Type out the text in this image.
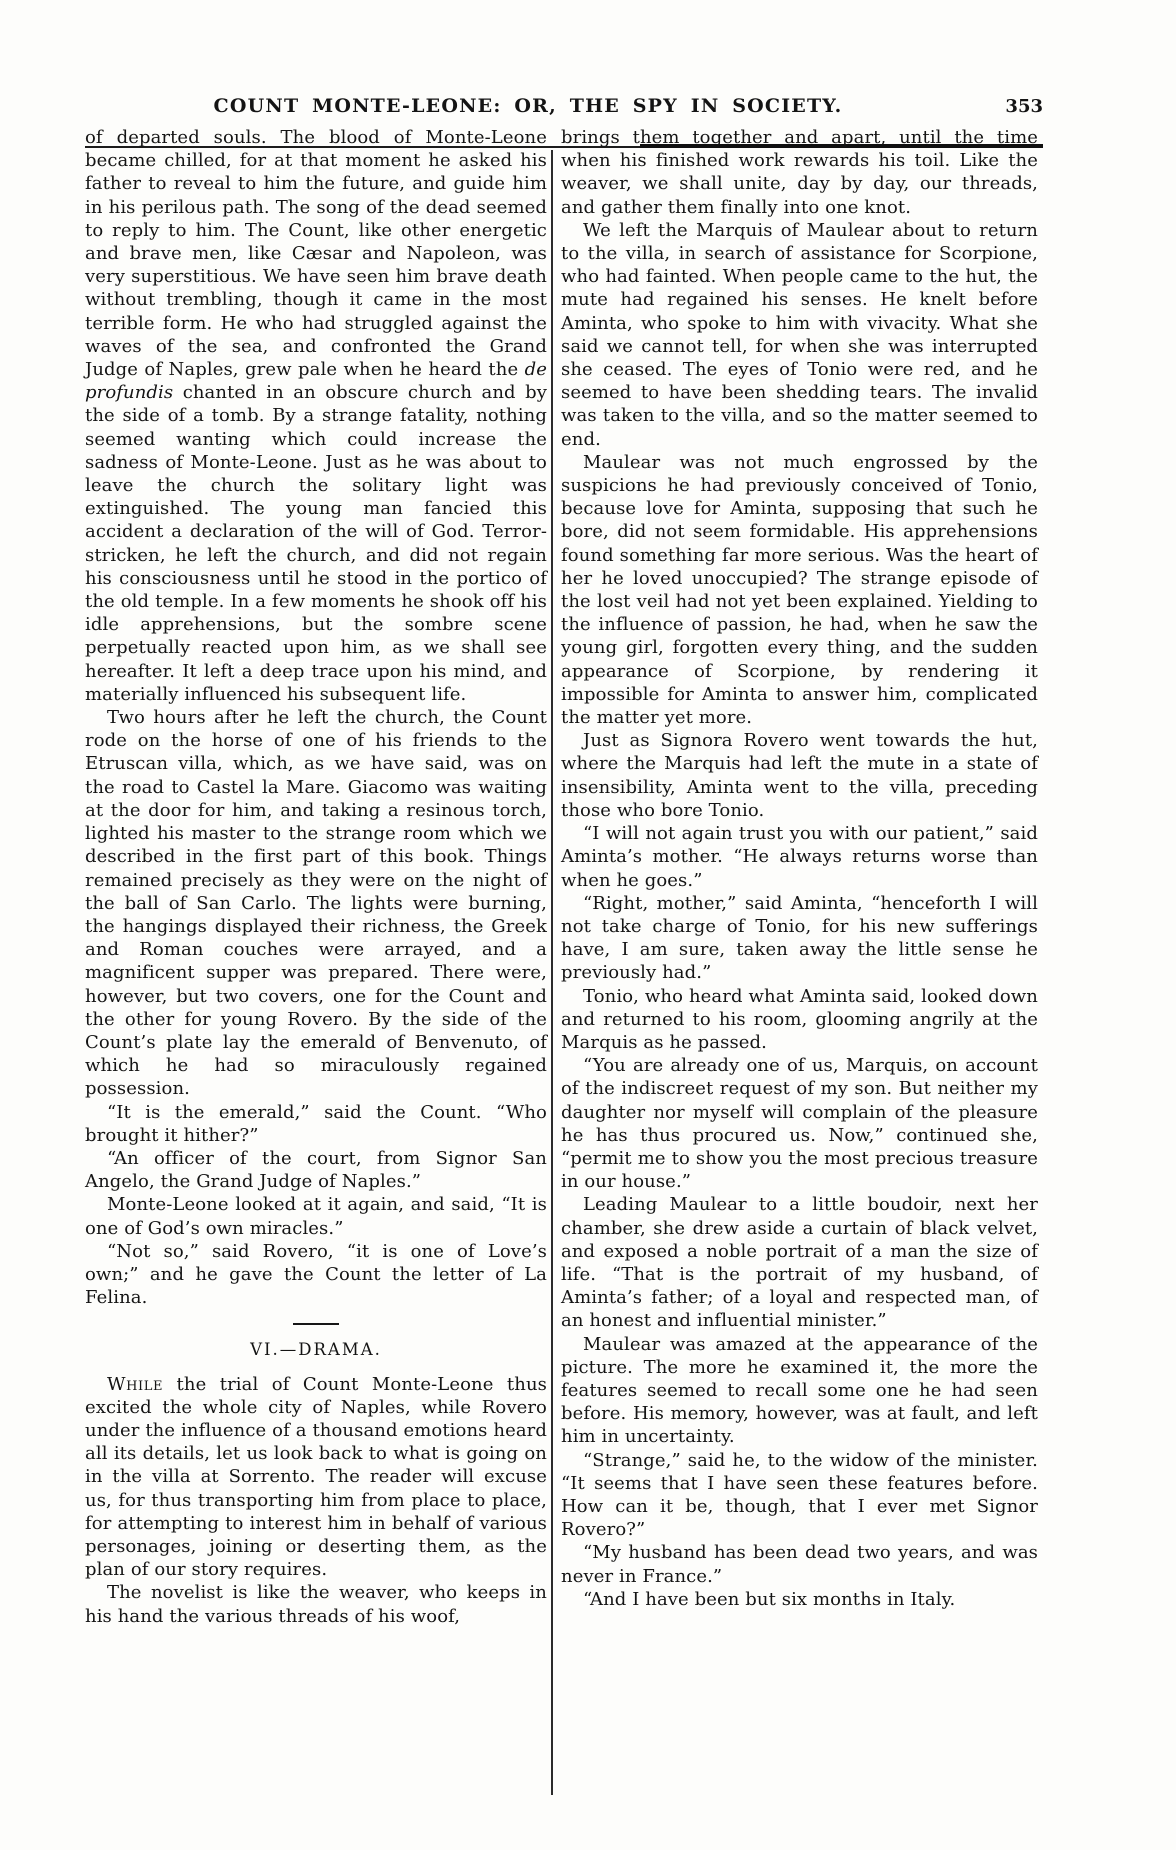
COUNT MONTE-LEONE: OR, THE SPY IN SOCIETY.	353

of departed souls. The blood of Monte-Leone became chilled, for at that moment he asked his father to reveal to him the future, and guide him in his perilous path. The song of the dead seemed to reply to him. The Count, like other energetic and brave men, like Cæsar and Napoleon, was very superstitious. We have seen him brave death without trembling, though it came in the most terrible form. He who had struggled against the waves of the sea, and confronted the Grand Judge of Naples, grew pale when he heard the de profundis chanted in an obscure church and by the side of a tomb. By a strange fatality, nothing seemed wanting which could increase the sadness of Monte-Leone. Just as he was about to leave the church the solitary light was extinguished. The young man fancied this accident a declaration of the will of God. Terror-stricken, he left the church, and did not regain his consciousness until he stood in the portico of the old temple. In a few moments he shook off his idle apprehensions, but the sombre scene perpetually reacted upon him, as we shall see hereafter. It left a deep trace upon his mind, and materially influenced his subsequent life.

Two hours after he left the church, the Count rode on the horse of one of his friends to the Etruscan villa, which, as we have said, was on the road to Castel la Mare. Giacomo was waiting at the door for him, and taking a resinous torch, lighted his master to the strange room which we described in the first part of this book. Things remained precisely as they were on the night of the ball of San Carlo. The lights were burning, the hangings displayed their richness, the Greek and Roman couches were arrayed, and a magnificent supper was prepared. There were, however, but two covers, one for the Count and the other for young Rovero. By the side of the Count’s plate lay the emerald of Benvenuto, of which he had so miraculously regained possession.

“It is the emerald,” said the Count. “Who brought it hither?”

“An officer of the court, from Signor San Angelo, the Grand Judge of Naples.”

Monte-Leone looked at it again, and said, “It is one of God’s own miracles.”

“Not so,” said Rovero, “it is one of Love’s own;” and he gave the Count the letter of La Felina.

VI.—DRAMA.

While the trial of Count Monte-Leone thus excited the whole city of Naples, while Rovero under the influence of a thousand emotions heard all its details, let us look back to what is going on in the villa at Sorrento. The reader will excuse us, for thus transporting him from place to place, for attempting to interest him in behalf of various personages, joining or deserting them, as the plan of our story requires.

The novelist is like the weaver, who keeps in his hand the various threads of his woof,

brings them together and apart, until the time when his finished work rewards his toil. Like the weaver, we shall unite, day by day, our threads, and gather them finally into one knot.

We left the Marquis of Maulear about to return to the villa, in search of assistance for Scorpione, who had fainted. When people came to the hut, the mute had regained his senses. He knelt before Aminta, who spoke to him with vivacity. What she said we cannot tell, for when she was interrupted she ceased. The eyes of Tonio were red, and he seemed to have been shedding tears. The invalid was taken to the villa, and so the matter seemed to end.

Maulear was not much engrossed by the suspicions he had previously conceived of Tonio, because love for Aminta, supposing that such he bore, did not seem formidable. His apprehensions found something far more serious. Was the heart of her he loved unoccupied? The strange episode of the lost veil had not yet been explained. Yielding to the influence of passion, he had, when he saw the young girl, forgotten every thing, and the sudden appearance of Scorpione, by rendering it impossible for Aminta to answer him, complicated the matter yet more.

Just as Signora Rovero went towards the hut, where the Marquis had left the mute in a state of insensibility, Aminta went to the villa, preceding those who bore Tonio.

“I will not again trust you with our patient,” said Aminta’s mother. “He always returns worse than when he goes.”

“Right, mother,” said Aminta, “henceforth I will not take charge of Tonio, for his new sufferings have, I am sure, taken away the little sense he previously had.”

Tonio, who heard what Aminta said, looked down and returned to his room, glooming angrily at the Marquis as he passed.

“You are already one of us, Marquis, on account of the indiscreet request of my son. But neither my daughter nor myself will complain of the pleasure he has thus procured us. Now,” continued she, “permit me to show you the most precious treasure in our house.”

Leading Maulear to a little boudoir, next her chamber, she drew aside a curtain of black velvet, and exposed a noble portrait of a man the size of life. “That is the portrait of my husband, of Aminta’s father; of a loyal and respected man, of an honest and influential minister.”

Maulear was amazed at the appearance of the picture. The more he examined it, the more the features seemed to recall some one he had seen before. His memory, however, was at fault, and left him in uncertainty.

“Strange,” said he, to the widow of the minister. “It seems that I have seen these features before. How can it be, though, that I ever met Signor Rovero?”

“My husband has been dead two years, and was never in France.”

“And I have been but six months in Italy.
